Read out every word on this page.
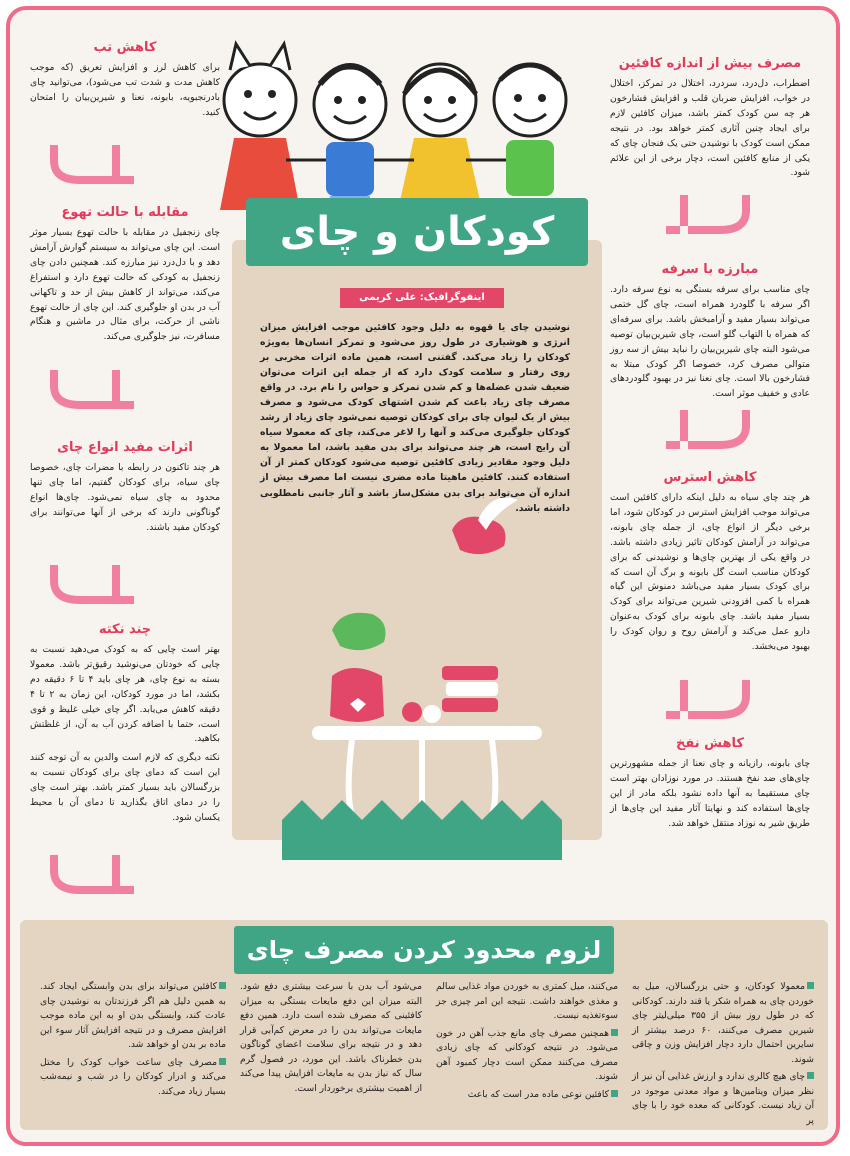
کودکان و چای
اینفوگرافیک: علی کریمی
نوشیدن چای یا قهوه به دلیل وجود کافئین موجب افزایش میزان انرژی و هوشیاری در طول روز می‌شود و تمرکز انسان‌ها به‌ویژه کودکان را زیاد می‌کند. گفتنی است، همین ماده اثرات مخربی بر روی رفتار و سلامت کودک دارد که از جمله این اثرات می‌توان ضعیف شدن عضله‌ها و کم شدن تمرکز و حواس را نام برد. در واقع مصرف چای زیاد باعث کم شدن اشتهای کودک می‌شود و مصرف بیش از یک لیوان چای برای کودکان توصیه نمی‌شود چای زیاد از رشد کودکان جلوگیری می‌کند و آنها را لاغر می‌کند، چای که معمولا سیاه آن رایج است، هر چند می‌تواند برای بدن مفید باشد، اما معمولا به دلیل وجود مقادیر زیادی کافئین توصیه می‌شود کودکان کمتر از آن استفاده کنند. کافئین ماهیتا ماده مضری نیست اما مصرف بیش از اندازه آن می‌تواند برای بدن مشکل‌ساز باشد و آثار جانبی نامطلوبی داشته باشد.
کاهش تب

برای کاهش لرز و افزایش تعریق (که موجب کاهش مدت و شدت تب می‌شود)، می‌توانید چای بادرنجبویه، بابونه، نعنا و شیرین‌بیان را امتحان کنید.

مقابله با حالت تهوع

چای زنجفیل در مقابله با حالت تهوع بسیار موثر است. این چای می‌تواند به سیستم گوارش آرامش دهد و با دل‌درد نیز مبارزه کند. همچنین دادن چای زنجفیل به کودکی که حالت تهوع دارد و استفراغ می‌کند، می‌تواند از کاهش بیش از حد و تاکهانی آب در بدن او جلوگیری کند. این چای از حالت تهوع ناشی از حرکت، برای مثال در ماشین و هنگام مسافرت، نیز جلوگیری می‌کند.

اثرات مفید انواع چای

هر چند تاکنون در رابطه با مضرات چای، خصوصا چای سیاه، برای کودکان گفتیم، اما چای تنها محدود به چای سیاه نمی‌شود. چای‌ها انواع گوناگونی دارند که برخی از آنها می‌توانند برای کودکان مفید باشند.

چند نکته

بهتر است چایی که به کودک می‌دهید نسبت به چایی که خودتان می‌نوشید رقیق‌تر باشد. معمولا بسته به نوع چای، هر چای باید ۴ تا ۶ دقیقه دم بکشد، اما در مورد کودکان، این زمان به ۲ تا ۴ دقیقه کاهش می‌یابد. اگر چای خیلی غلیظ و قوی است، حتما با اضافه کردن آب به آن، از غلظتش بکاهید.

نکته دیگری که لازم است والدین به آن توجه کنند این است که دمای چای برای کودکان نسبت به بزرگسالان باید بسیار کمتر باشد. بهتر است چای را در دمای اتاق بگذارید تا دمای آن با محیط یکسان شود.

مصرف بیش از اندازه کافئین

اضطراب، دل‌درد، سردرد، اختلال در تمرکز، اختلال در خواب، افزایش ضربان قلب و افزایش فشارخون هر چه سن کودک کمتر باشد، میزان کافئین لازم برای ایجاد چنین آثاری کمتر خواهد بود. در نتیجه ممکن است کودک با نوشیدن حتی یک فنجان چای که یکی از منابع کافئین است، دچار برخی از این علائم شود.

مبارزه با سرفه

چای مناسب برای سرفه بستگی به نوع سرفه دارد. اگر سرفه با گلودرد همراه است، چای گل ختمی می‌تواند بسیار مفید و آرامبخش باشد. برای سرفه‌ای که همراه با التهاب گلو است، چای شیرین‌بیان توصیه می‌شود البته چای شیرین‌بیان را نباید بیش از سه روز متوالی مصرف کرد، خصوصا اگر کودک مبتلا به فشارخون بالا است. چای نعنا نیز در بهبود گلودردهای عادی و خفیف موثر است.

کاهش استرس

هر چند چای سیاه به دلیل اینکه دارای کافئین است می‌تواند موجب افزایش استرس در کودکان شود، اما برخی دیگر از انواع چای، از جمله چای بابونه، می‌تواند در آرامش کودکان تاثیر زیادی داشته باشد. در واقع یکی از بهترین چای‌ها و نوشیدنی که برای کودکان مناسب است گل بابونه و برگ آن است که برای کودک بسیار مفید می‌باشد دمنوش این گیاه همراه با کمی افزودنی شیرین می‌تواند برای کودک بسیار مفید باشد. چای بابونه برای کودک به‌عنوان دارو عمل می‌کند و آرامش روح و روان کودک را بهبود می‌بخشد.

کاهش نفخ

چای بابونه، رازیانه و چای نعنا از جمله مشهورترین چای‌های ضد نفخ هستند. در مورد نوزادان بهتر است چای مستقیما به آنها داده نشود بلکه مادر از این چای‌ها استفاده کند و نهایتا آثار مفید این چای‌ها از طریق شیر به نوزاد منتقل خواهد شد.

لزوم محدود کردن مصرف چای

معمولا کودکان، و حتی بزرگسالان، میل به خوردن چای به همراه شکر یا قند دارند. کودکانی که در طول روز بیش از ۳۵۵ میلی‌لیتر چای شیرین مصرف می‌کنند، ۶۰ درصد بیشتر از سایرین احتمال دارد دچار افزایش وزن و چاقی شوند.

چای هیچ کالری ندارد و ارزش غذایی آن نیز از نظر میزان ویتامین‌ها و مواد معدنی موجود در آن زیاد نیست. کودکانی که معده خود را با چای پر

می‌کنند، میل کمتری به خوردن مواد غذایی سالم و مغذی خواهند داشت. نتیجه این امر چیزی جز سوءتغذیه نیست.

همچنین مصرف چای مانع جذب آهن در خون می‌شود. در نتیجه کودکانی که چای زیادی مصرف می‌کنند ممکن است دچار کمبود آهن شوند.

کافئین نوعی ماده مدر است که باعث

می‌شود آب بدن با سرعت بیشتری دفع شود. البته میزان این دفع مایعات بستگی به میزان کافئینی که مصرف شده است دارد. همین دفع مایعات می‌تواند بدن را در معرض کم‌آبی قرار دهد و در نتیجه برای سلامت اعضای گوناگون بدن خطرناک باشد. این مورد، در فصول گرم سال که نیاز بدن به مایعات افزایش پیدا می‌کند از اهمیت بیشتری برخوردار است.

کافئین می‌تواند برای بدن وابستگی ایجاد کند. به همین دلیل هم اگر فرزندتان به نوشیدن چای عادت کند، وابستگی بدن او به این ماده موجب افزایش مصرف و در نتیجه افزایش آثار سوء این ماده بر بدن او خواهد شد.

مصرف چای ساعت خواب کودک را مختل می‌کند و ادرار کودکان را در شب و نیمه‌شب بسیار زیاد می‌کند.
